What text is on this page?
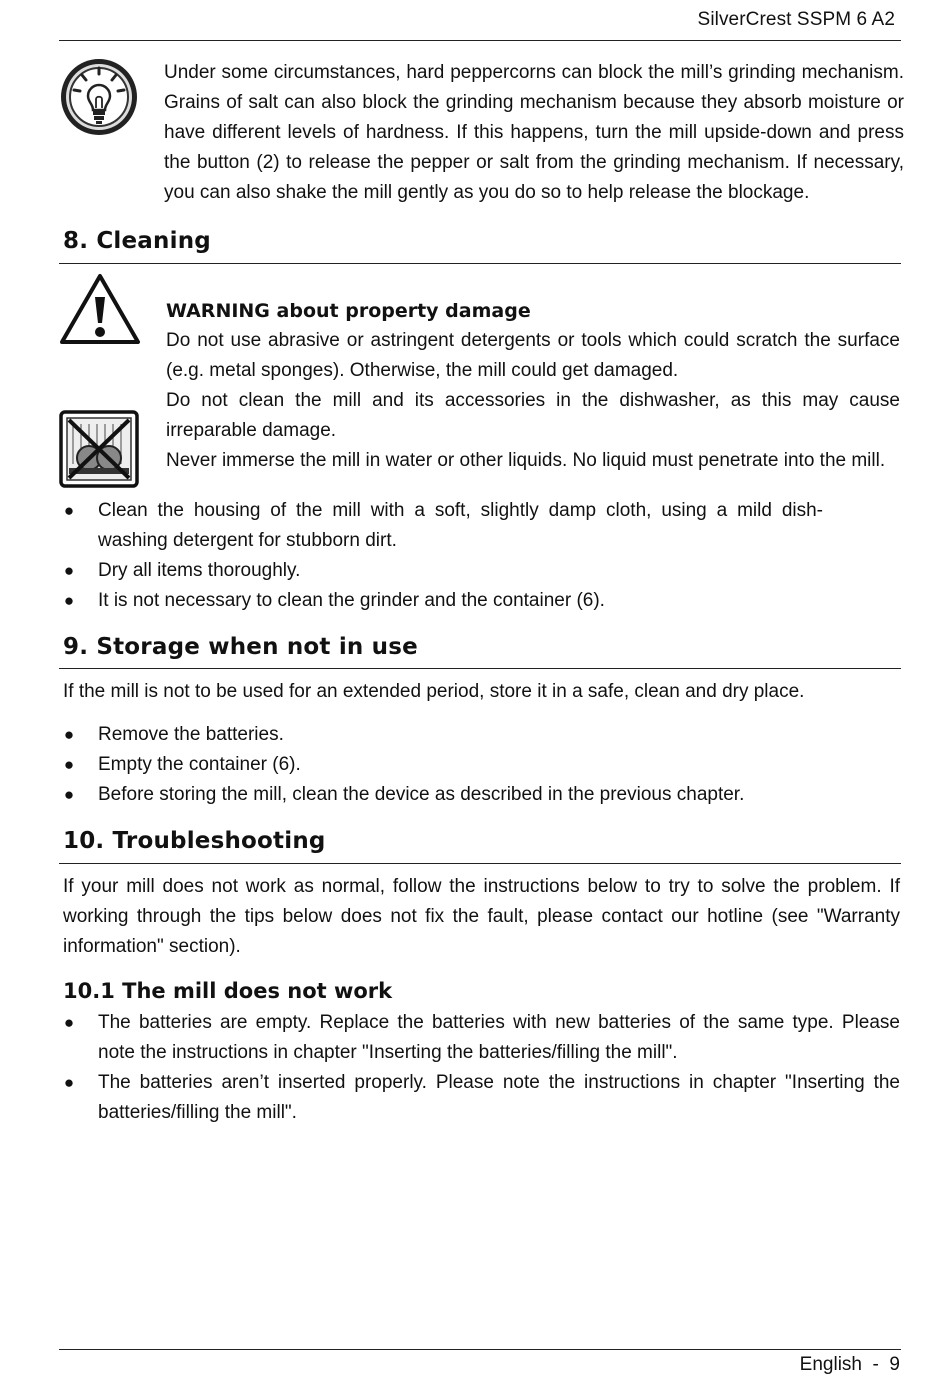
SilverCrest SSPM 6 A2
Under some circumstances, hard peppercorns can block the mill’s grinding mechanism. Grains of salt can also block the grinding mechanism because they absorb moisture or have different levels of hardness. If this happens, turn the mill upside-down and press the button (2) to release the pepper or salt from the grinding mechanism. If necessary, you can also shake the mill gently as you do so to help release the blockage.
8. Cleaning
WARNING about property damage

Do not use abrasive or astringent detergents or tools which could scratch the surface (e.g. metal sponges). Otherwise, the mill could get damaged.

Do not clean the mill and its accessories in the dishwasher, as this may cause irreparable damage.

Never immerse the mill in water or other liquids. No liquid must penetrate into the mill.

● Clean the housing of the mill with a soft, slightly damp cloth, using a mild dish-washing detergent for stubborn dirt.
● Dry all items thoroughly.
● It is not necessary to clean the grinder and the container (6).
9. Storage when not in use

If the mill is not to be used for an extended period, store it in a safe, clean and dry place.

● Remove the batteries.
● Empty the container (6).
● Before storing the mill, clean the device as described in the previous chapter.
10. Troubleshooting

If your mill does not work as normal, follow the instructions below to try to solve the problem. If working through the tips below does not fix the fault, please contact our hotline (see "Warranty information" section).

10.1 The mill does not work
● The batteries are empty. Replace the batteries with new batteries of the same type. Please note the instructions in chapter "Inserting the batteries/filling the mill".
● The batteries aren’t inserted properly. Please note the instructions in chapter "Inserting the batteries/filling the mill".
English  -  9
